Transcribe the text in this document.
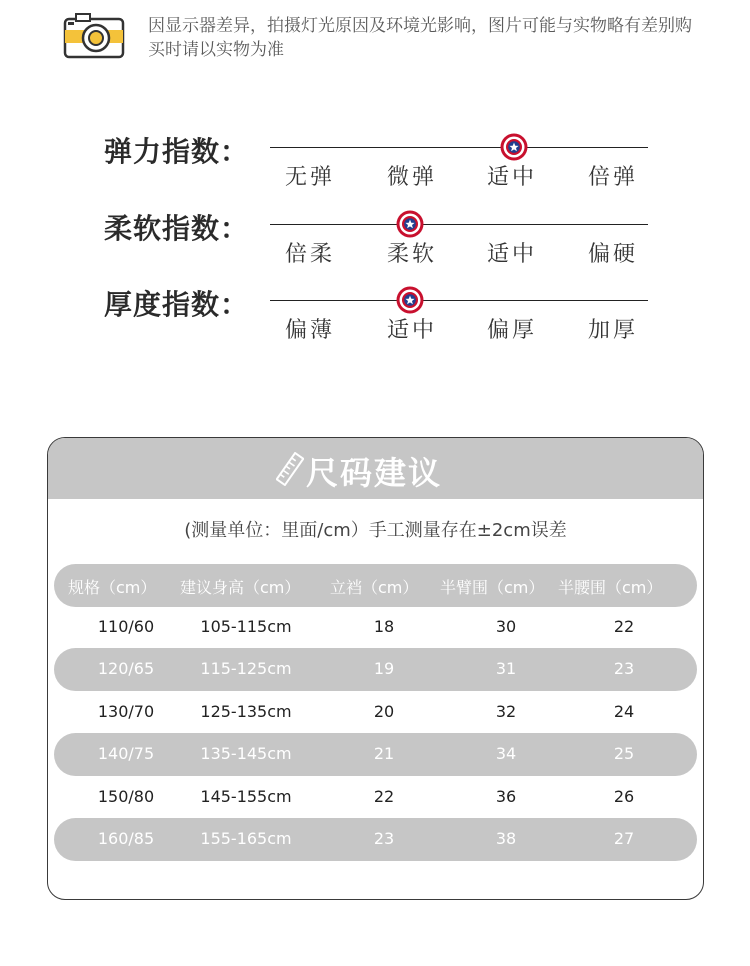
因显示器差异，拍摄灯光原因及环境光影响，图片可能与实物略有差别购买时请以实物为准
弹力指数：
无弹	微弹	适中	倍弹
柔软指数：
倍柔	柔软	适中	偏硬
厚度指数：
偏薄	适中	偏厚	加厚
尺码建议
(测量单位：里面/cm）手工测量存在±2cm误差
规格（cm） 建议身高（cm） 立裆（cm） 半臂围（cm） 半腰围（cm）
110/60	105-115cm	18	30	22
120/65	115-125cm	19	31	23
130/70	125-135cm	20	32	24
140/75	135-145cm	21	34	25
150/80	145-155cm	22	36	26
160/85	155-165cm	23	38	27
